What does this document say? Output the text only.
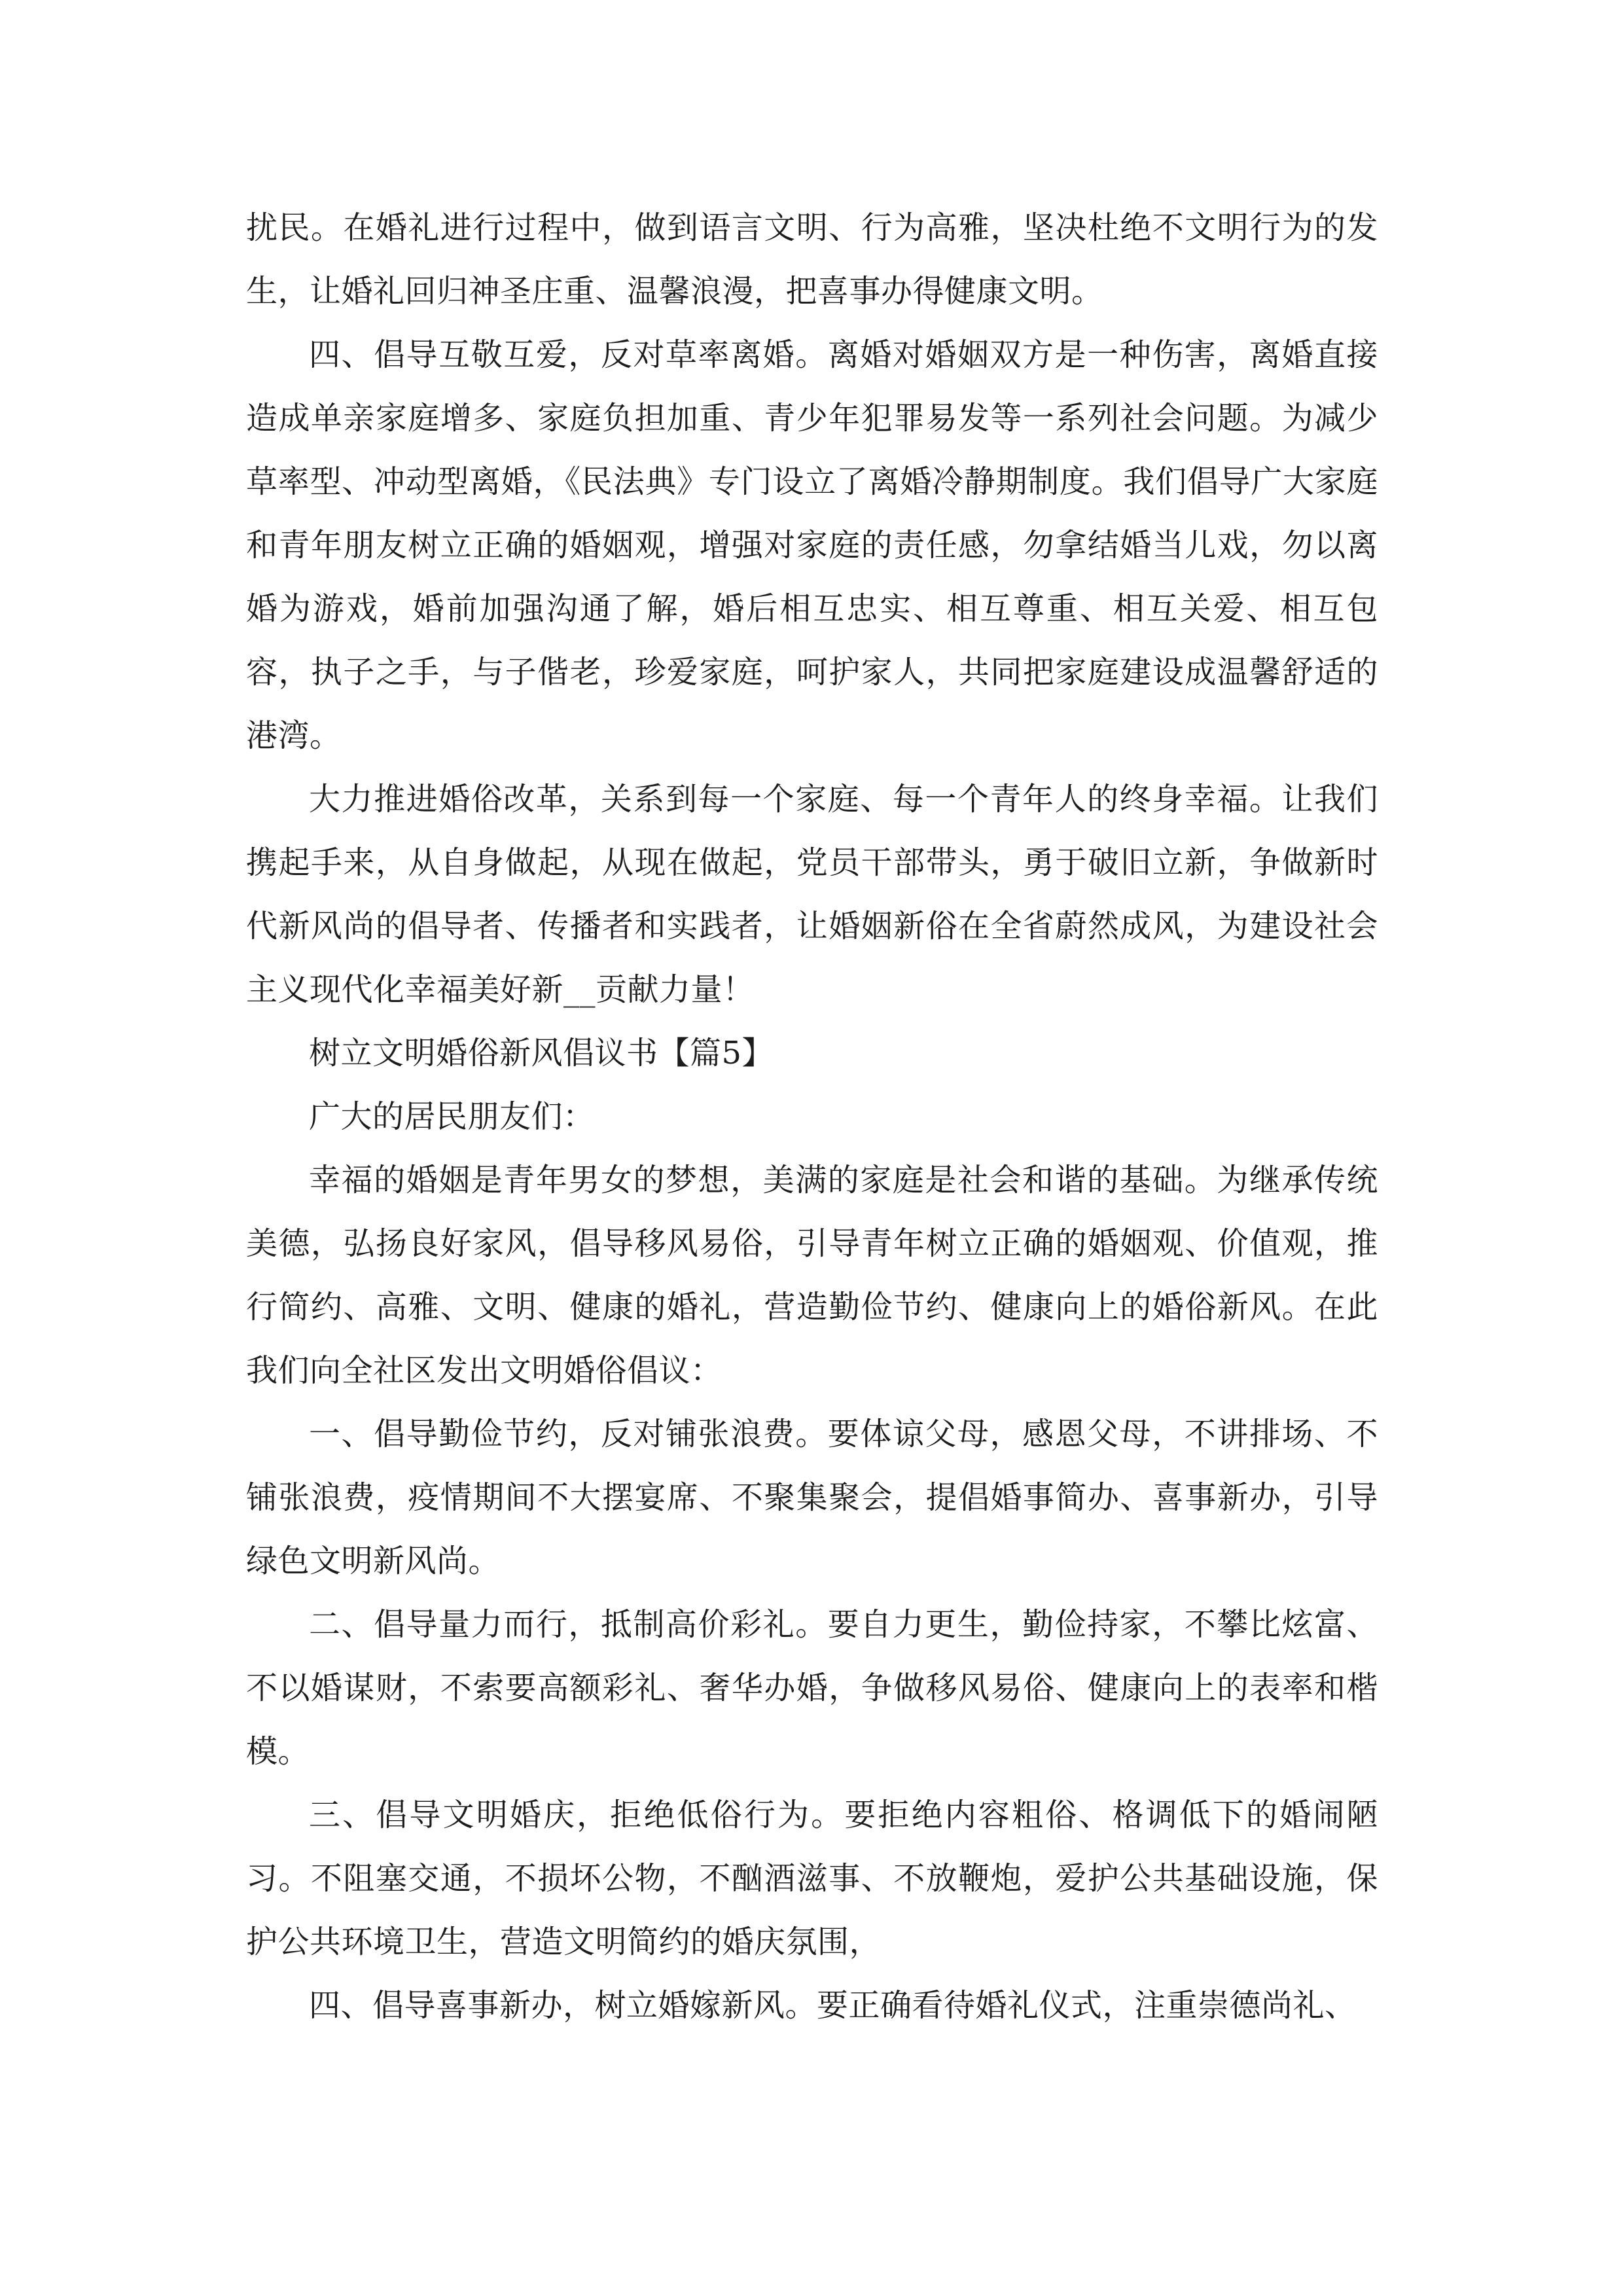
扰民。在婚礼进行过程中，做到语言文明、行为高雅，坚决杜绝不文明行为的发生，让婚礼回归神圣庄重、温馨浪漫，把喜事办得健康文明。

四、倡导互敬互爱，反对草率离婚。离婚对婚姻双方是一种伤害，离婚直接造成单亲家庭增多、家庭负担加重、青少年犯罪易发等一系列社会问题。为减少草率型、冲动型离婚，《民法典》专门设立了离婚冷静期制度。我们倡导广大家庭和青年朋友树立正确的婚姻观，增强对家庭的责任感，勿拿结婚当儿戏，勿以离婚为游戏，婚前加强沟通了解，婚后相互忠实、相互尊重、相互关爱、相互包容，执子之手，与子偕老，珍爱家庭，呵护家人，共同把家庭建设成温馨舒适的港湾。

大力推进婚俗改革，关系到每一个家庭、每一个青年人的终身幸福。让我们携起手来，从自身做起，从现在做起，党员干部带头，勇于破旧立新，争做新时代新风尚的倡导者、传播者和实践者，让婚姻新俗在全省蔚然成风，为建设社会主义现代化幸福美好新__贡献力量！

树立文明婚俗新风倡议书【篇5】

广大的居民朋友们：

幸福的婚姻是青年男女的梦想，美满的家庭是社会和谐的基础。为继承传统美德，弘扬良好家风，倡导移风易俗，引导青年树立正确的婚姻观、价值观，推行简约、高雅、文明、健康的婚礼，营造勤俭节约、健康向上的婚俗新风。在此我们向全社区发出文明婚俗倡议：

一、倡导勤俭节约，反对铺张浪费。要体谅父母，感恩父母，不讲排场、不铺张浪费，疫情期间不大摆宴席、不聚集聚会，提倡婚事简办、喜事新办，引导绿色文明新风尚。

二、倡导量力而行，抵制高价彩礼。要自力更生，勤俭持家，不攀比炫富、不以婚谋财，不索要高额彩礼、奢华办婚，争做移风易俗、健康向上的表率和楷模。

三、倡导文明婚庆，拒绝低俗行为。要拒绝内容粗俗、格调低下的婚闹陋习。不阻塞交通，不损坏公物，不酗酒滋事、不放鞭炮，爱护公共基础设施，保护公共环境卫生，营造文明简约的婚庆氛围，

四、倡导喜事新办，树立婚嫁新风。要正确看待婚礼仪式，注重崇德尚礼、
